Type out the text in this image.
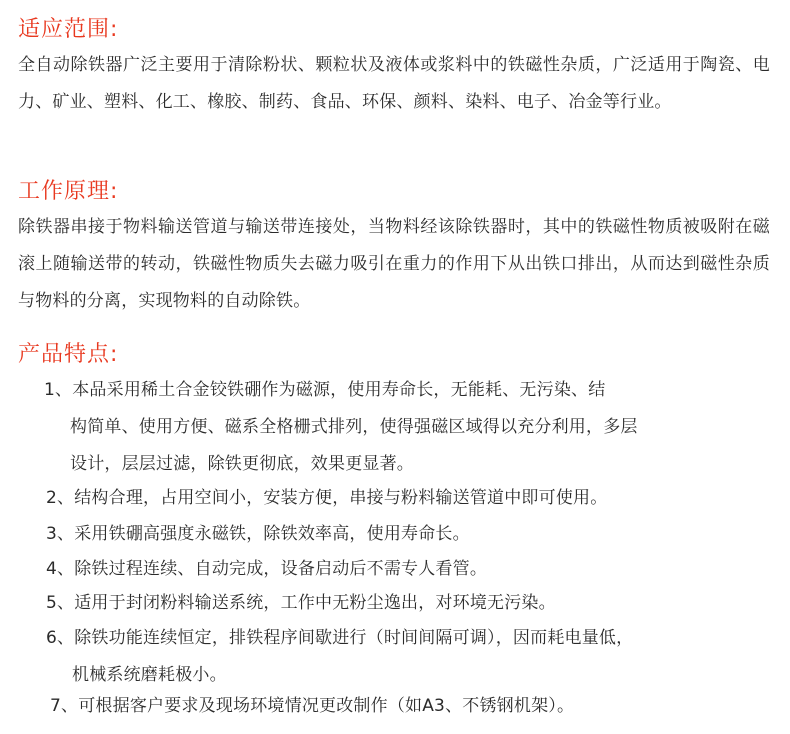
适应范围:

全自动除铁器广泛主要用于清除粉状、颗粒状及液体或浆料中的铁磁性杂质，广泛适用于陶瓷、电力、矿业、塑料、化工、橡胶、制药、食品、环保、颜料、染料、电子、冶金等行业。

工作原理:

除铁器串接于物料输送管道与输送带连接处，当物料经该除铁器时，其中的铁磁性物质被吸附在磁滚上随输送带的转动，铁磁性物质失去磁力吸引在重力的作用下从出铁口排出，从而达到磁性杂质与物料的分离，实现物料的自动除铁。

产品特点:
1、本品采用稀土合金铰铁硼作为磁源，使用寿命长，无能耗、无污染、结
构简单、使用方便、磁系全格栅式排列，使得强磁区域得以充分利用，多层
设计，层层过滤，除铁更彻底，效果更显著。
2、结构合理，占用空间小，安装方便，串接与粉料输送管道中即可使用。
3、采用铁硼高强度永磁铁，除铁效率高，使用寿命长。
4、除铁过程连续、自动完成，设备启动后不需专人看管。
5、适用于封闭粉料输送系统，工作中无粉尘逸出，对环境无污染。
6、除铁功能连续恒定，排铁程序间歇进行（时间间隔可调），因而耗电量低，
机械系统磨耗极小。
7、可根据客户要求及现场环境情况更改制作（如A3、不锈钢机架）。
